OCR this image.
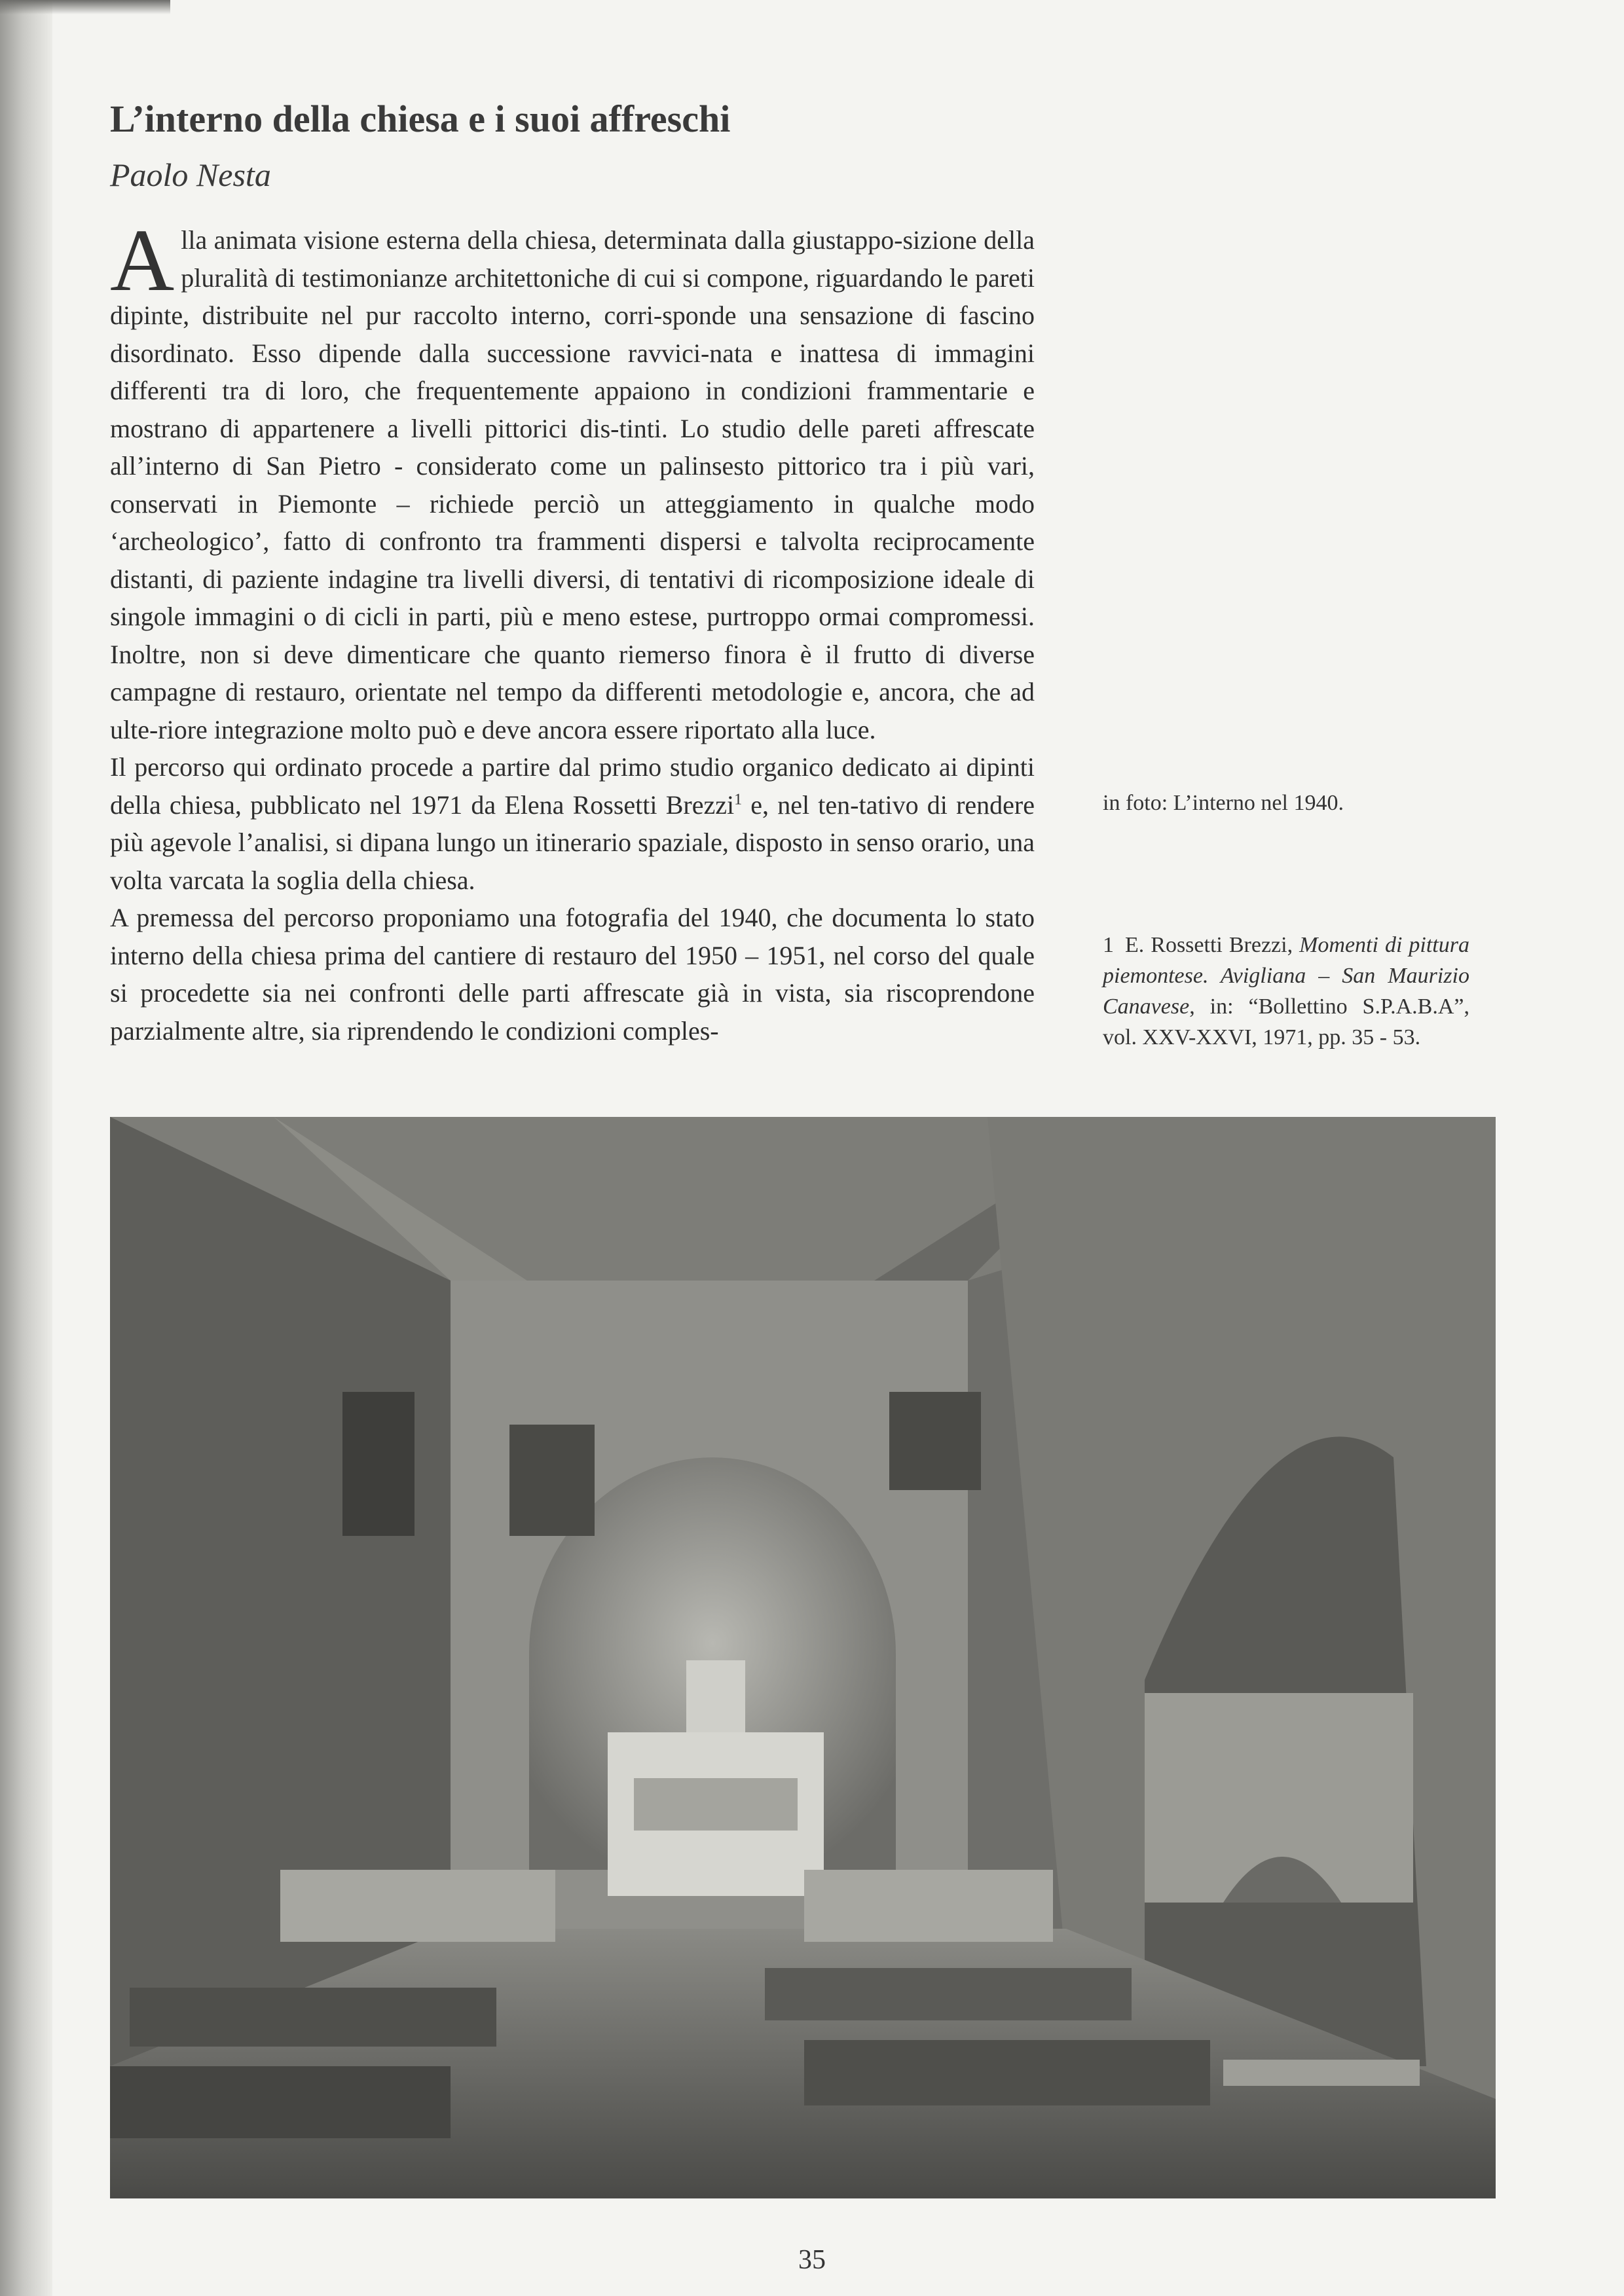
L’interno della chiesa e i suoi affreschi
Paolo Nesta

Alla animata visione esterna della chiesa, determinata dalla giustappo-sizione della pluralità di testimonianze architettoniche di cui si compone, riguardando le pareti dipinte, distribuite nel pur raccolto interno, corri-sponde una sensazione di fascino disordinato. Esso dipende dalla successione ravvici-nata e inattesa di immagini differenti tra di loro, che frequentemente appaiono in condizioni frammentarie e mostrano di appartenere a livelli pittorici dis-tinti. Lo studio delle pareti affrescate all’interno di San Pietro - considerato come un palinsesto pittorico tra i più vari, conservati in Piemonte – richiede perciò un atteggiamento in qualche modo ‘archeologico’, fatto di confronto tra frammenti dispersi e talvolta reciprocamente distanti, di paziente indagine tra livelli diversi, di tentativi di ricomposizione ideale di singole immagini o di cicli in parti, più e meno estese, purtroppo ormai compromessi. Inoltre, non si deve dimenticare che quanto riemerso finora è il frutto di diverse campagne di restauro, orientate nel tempo da differenti metodologie e, ancora, che ad ulte-riore integrazione molto può e deve ancora essere riportato alla luce.

Il percorso qui ordinato procede a partire dal primo studio organico dedicato ai dipinti della chiesa, pubblicato nel 1971 da Elena Rossetti Brezzi$^1$ e, nel ten-tativo di rendere più agevole l’analisi, si dipana lungo un itinerario spaziale, disposto in senso orario, una volta varcata la soglia della chiesa.

A premessa del percorso proponiamo una fotografia del 1940, che documenta lo stato interno della chiesa prima del cantiere di restauro del 1950 – 1951, nel corso del quale si procedette sia nei confronti delle parti affrescate già in vista, sia riscoprendone parzialmente altre, sia riprendendo le condizioni comples-

in foto: L’interno nel 1940.
1 E. Rossetti Brezzi, Momenti di pittura piemontese. Avigliana – San Maurizio Canavese, in: “Bollettino S.P.A.B.A”, vol. XXV-XXVI, 1971, pp. 35 - 53.
35
